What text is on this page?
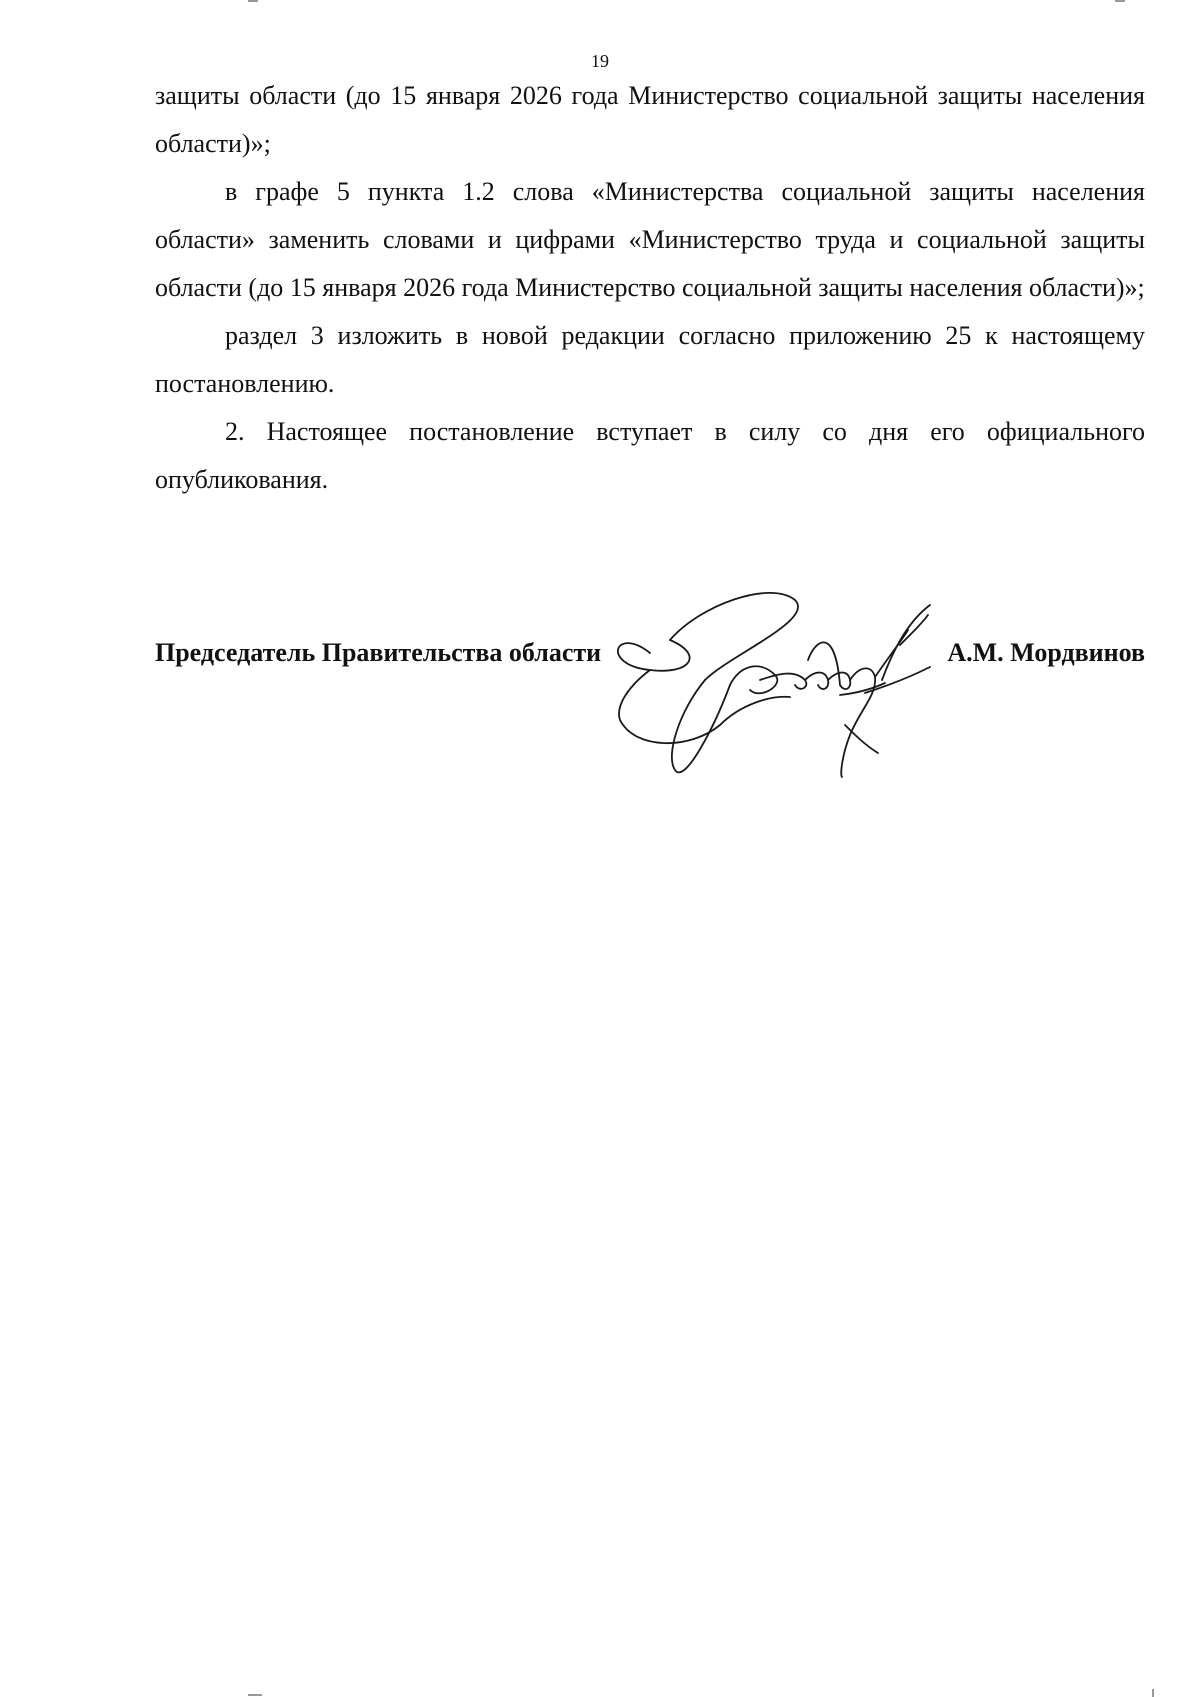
19

защиты области (до 15 января 2026 года Министерство социальной защиты населения области)»;

в графе 5 пункта 1.2 слова «Министерства социальной защиты населения области» заменить словами и цифрами «Министерство труда и социальной защиты области (до 15 января 2026 года Министерство социальной защиты населения области)»;

раздел 3 изложить в новой редакции согласно приложению 25 к настоящему постановлению.

2. Настоящее постановление вступает в силу со дня его официального опубликования.

Председатель Правительства области	А.М. Мордвинов
